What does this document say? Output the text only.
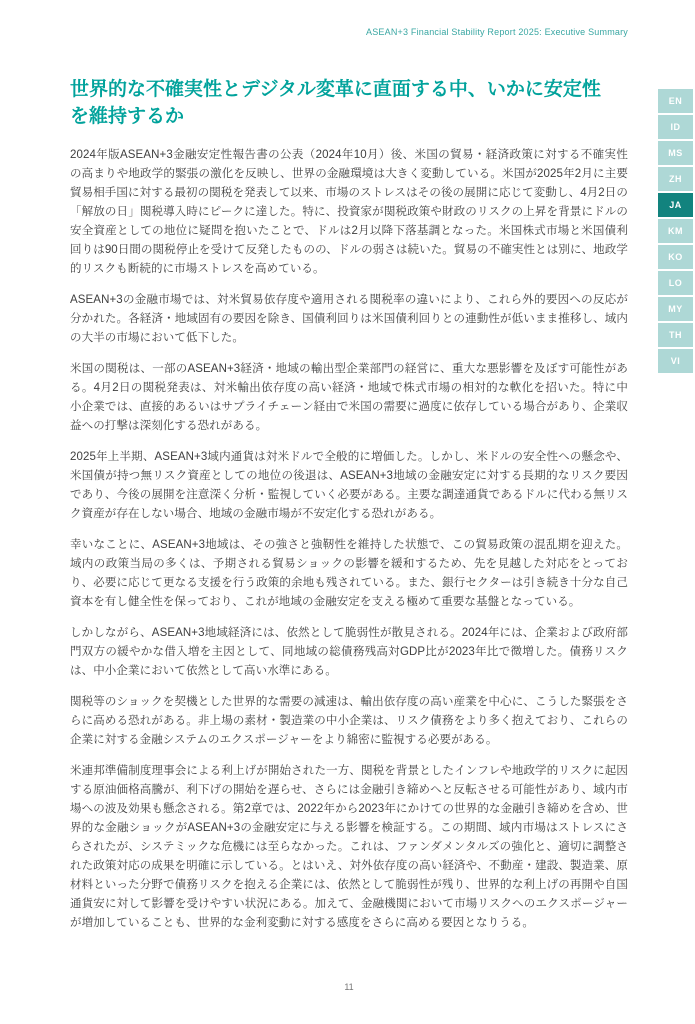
ASEAN+3 Financial Stability Report 2025: Executive Summary
世界的な不確実性とデジタル変革に直面する中、いかに安定性
を維持するか

2024年版ASEAN+3金融安定性報告書の公表（2024年10月）後、米国の貿易・経済政策に対する不確実性の高まりや地政学的緊張の激化を反映し、世界の金融環境は大きく変動している。米国が2025年2月に主要貿易相手国に対する最初の関税を発表して以来、市場のストレスはその後の展開に応じて変動し、4月2日の「解放の日」関税導入時にピークに達した。特に、投資家が関税政策や財政のリスクの上昇を背景にドルの安全資産としての地位に疑問を抱いたことで、ドルは2月以降下落基調となった。米国株式市場と米国債利回りは90日間の関税停止を受けて反発したものの、ドルの弱さは続いた。貿易の不確実性とは別に、地政学的リスクも断続的に市場ストレスを高めている。

ASEAN+3の金融市場では、対米貿易依存度や適用される関税率の違いにより、これら外的要因への反応が分かれた。各経済・地域固有の要因を除き、国債利回りは米国債利回りとの連動性が低いまま推移し、域内の大半の市場において低下した。

米国の関税は、一部のASEAN+3経済・地域の輸出型企業部門の経営に、重大な悪影響を及ぼす可能性がある。4月2日の関税発表は、対米輸出依存度の高い経済・地域で株式市場の相対的な軟化を招いた。特に中小企業では、直接的あるいはサプライチェーン経由で米国の需要に過度に依存している場合があり、企業収益への打撃は深刻化する恐れがある。

2025年上半期、ASEAN+3域内通貨は対米ドルで全般的に増価した。しかし、米ドルの安全性への懸念や、米国債が持つ無リスク資産としての地位の後退は、ASEAN+3地域の金融安定に対する長期的なリスク要因であり、今後の展開を注意深く分析・監視していく必要がある。主要な調達通貨であるドルに代わる無リスク資産が存在しない場合、地域の金融市場が不安定化する恐れがある。

幸いなことに、ASEAN+3地域は、その強さと強靭性を維持した状態で、この貿易政策の混乱期を迎えた。域内の政策当局の多くは、予期される貿易ショックの影響を緩和するため、先を見越した対応をとっており、必要に応じて更なる支援を行う政策的余地も残されている。また、銀行セクターは引き続き十分な自己資本を有し健全性を保っており、これが地域の金融安定を支える極めて重要な基盤となっている。

しかしながら、ASEAN+3地域経済には、依然として脆弱性が散見される。2024年には、企業および政府部門双方の緩やかな借入増を主因として、同地域の総債務残高対GDP比が2023年比で微増した。債務リスクは、中小企業において依然として高い水準にある。

関税等のショックを契機とした世界的な需要の減速は、輸出依存度の高い産業を中心に、こうした緊張をさらに高める恐れがある。非上場の素材・製造業の中小企業は、リスク債務をより多く抱えており、これらの企業に対する金融システムのエクスポージャーをより綿密に監視する必要がある。

米連邦準備制度理事会による利上げが開始された一方、関税を背景としたインフレや地政学的リスクに起因する原油価格高騰が、利下げの開始を遅らせ、さらには金融引き締めへと反転させる可能性があり、域内市場への波及効果も懸念される。第2章では、2022年から2023年にかけての世界的な金融引き締めを含め、世界的な金融ショックがASEAN+3の金融安定に与える影響を検証する。この期間、域内市場はストレスにさらされたが、システミックな危機には至らなかった。これは、ファンダメンタルズの強化と、適切に調整された政策対応の成果を明確に示している。とはいえ、対外依存度の高い経済や、不動産・建設、製造業、原材料といった分野で債務リスクを抱える企業には、依然として脆弱性が残り、世界的な利上げの再開や自国通貨安に対して影響を受けやすい状況にある。加えて、金融機関において市場リスクへのエクスポージャーが増加していることも、世界的な金利変動に対する感度をさらに高める要因となりうる。

EN
ID
MS
ZH
JA
KM
KO
LO
MY
TH
VI
11
